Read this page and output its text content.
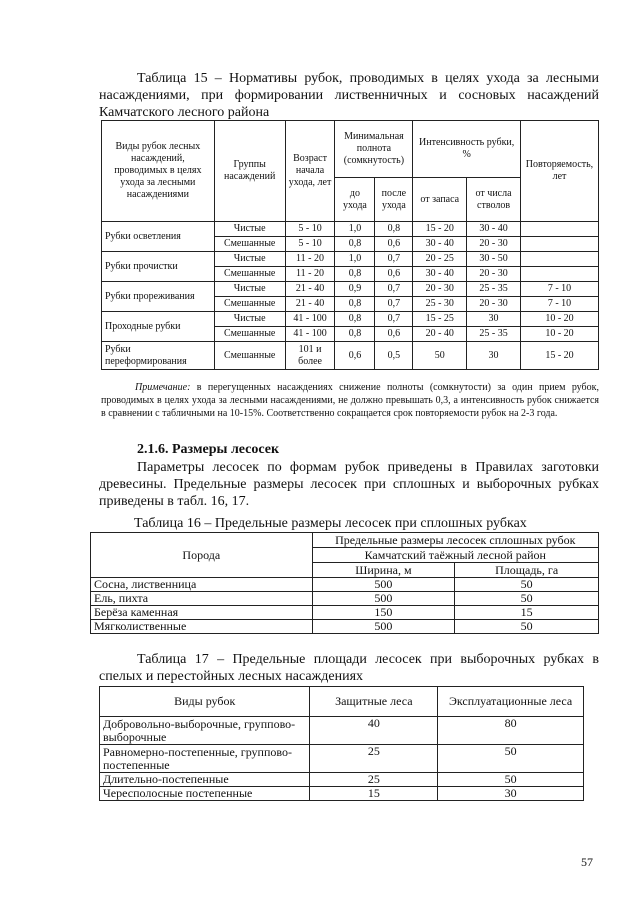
Таблица 15 – Нормативы рубок, проводимых в целях ухода за лесными насаждениями, при формировании лиственничных и сосновых насаждений Камчатского лесного района
Виды рубок лесных насаждений, проводимых в целях ухода за лесными насаждениями	Группы насаждений	Возраст начала ухода, лет	Минимальная полнота (сомкнутость)		Интенсивность рубки, %		Повторяемость, лет
			до ухода	после ухода	от запаса	от числа стволов	
Рубки осветления	Чистые	5 - 10	1,0	0,8	15 - 20	30 - 40	
	Смешанные	5 - 10	0,8	0,6	30 - 40	20 - 30	
Рубки прочистки	Чистые	11 - 20	1,0	0,7	20 - 25	30 - 50	
	Смешанные	11 - 20	0,8	0,6	30 - 40	20 - 30	
Рубки прореживания	Чистые	21 - 40	0,9	0,7	20 - 30	25 - 35	7 - 10
	Смешанные	21 - 40	0,8	0,7	25 - 30	20 - 30	7 - 10
Проходные рубки	Чистые	41 - 100	0,8	0,7	15 - 25	30	10 - 20
	Смешанные	41 - 100	0,8	0,6	20 - 40	25 - 35	10 - 20
Рубки переформирования	Смешанные	101 и более	0,6	0,5	50	30	15 - 20
Примечание: в перегущенных насаждениях снижение полноты (сомкнутости) за один прием рубок, проводимых в целях ухода за лесными насаждениями, не должно превышать 0,3, а интенсивность рубок снижается в сравнении с табличными на 10-15%. Соответственно сокращается срок повторяемости рубок на 2-3 года.
2.1.6. Размеры лесосек
Параметры лесосек по формам рубок приведены в Правилах заготовки древесины. Предельные размеры лесосек при сплошных и выборочных рубках приведены в табл. 16, 17.
Таблица 16 – Предельные размеры лесосек при сплошных рубках
Порода	Предельные размеры лесосек сплошных рубок	
	Камчатский таёжный лесной район	
	Ширина, м	Площадь, га
Сосна, лиственница	500	50
Ель, пихта	500	50
Берёза каменная	150	15
Мягколиственные	500	50
Таблица 17 – Предельные площади лесосек при выборочных рубках в спелых и перестойных лесных насаждениях
Виды рубок	Защитные леса	Эксплуатационные леса
Добровольно-выборочные, группово-выборочные	40	80
Равномерно-постепенные, группово-постепенные	25	50
Длительно-постепенные	25	50
Чересполосные постепенные	15	30
57
